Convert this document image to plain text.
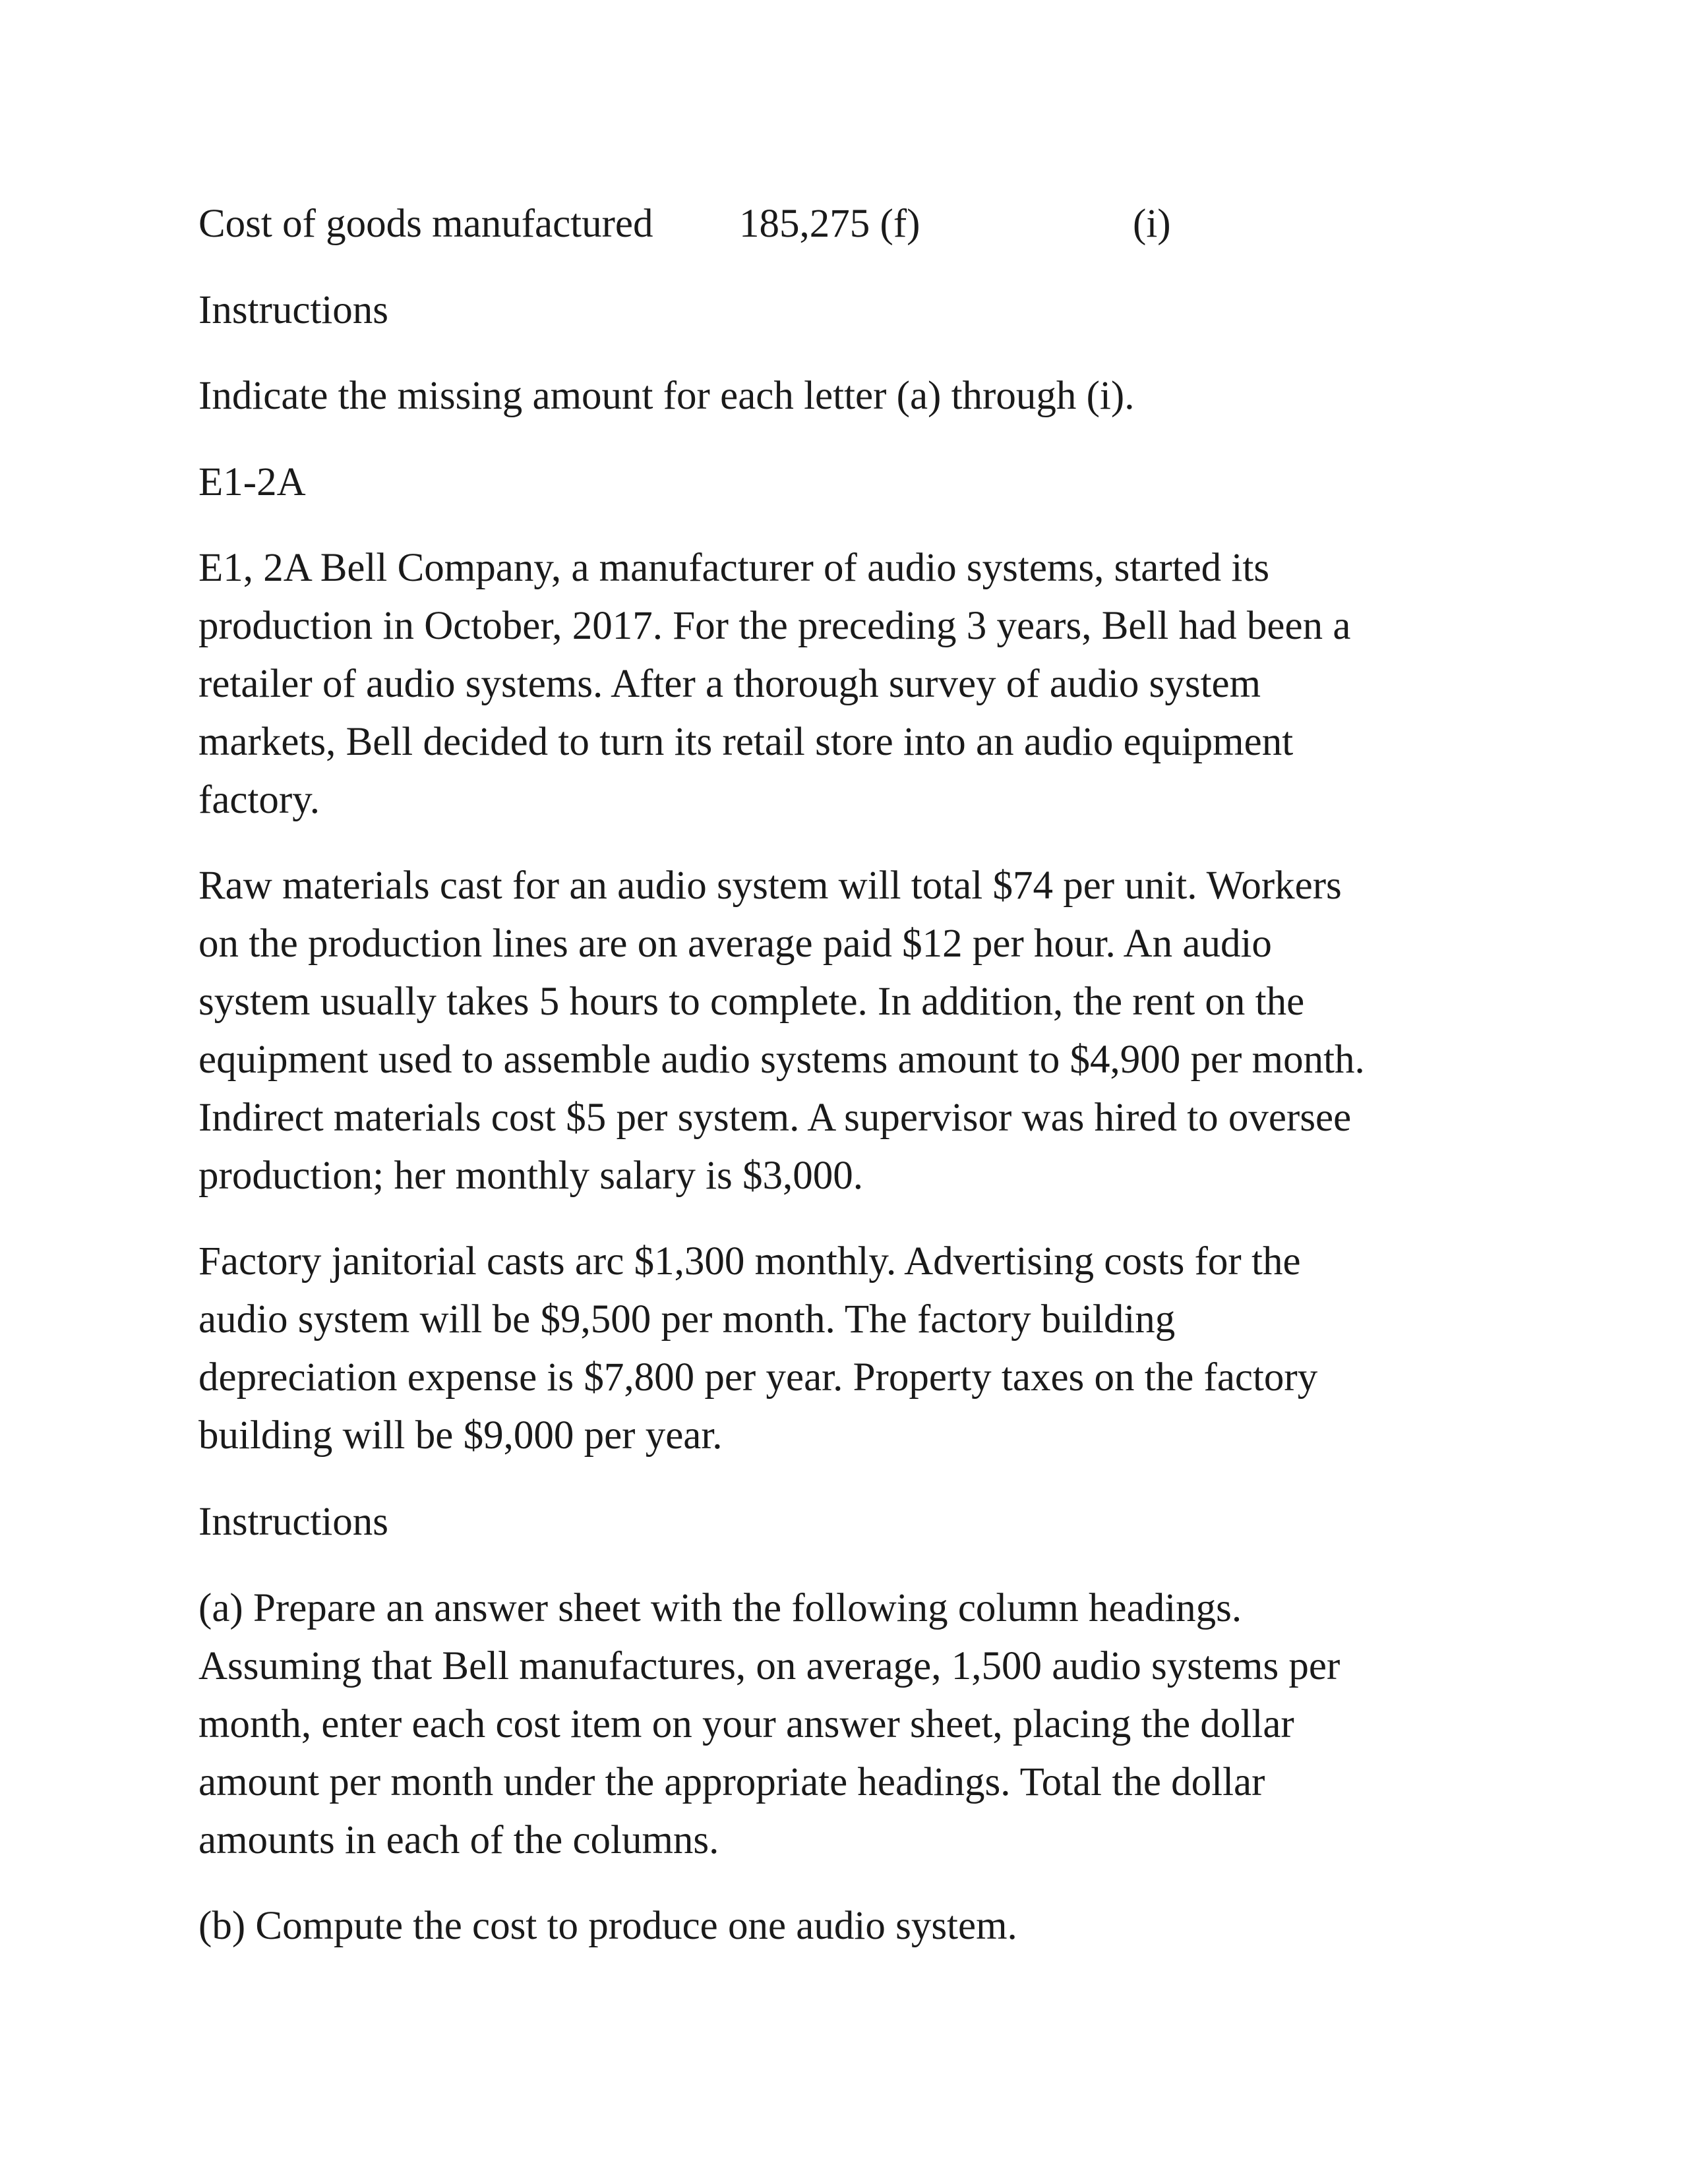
Cost of goods manufactured 185,275 (f)	(i)
Instructions
Indicate the missing amount for each letter (a) through (i).
E1-2A
E1, 2A Bell Company, a manufacturer of audio systems, started its
production in October, 2017. For the preceding 3 years, Bell had been a
retailer of audio systems. After a thorough survey of audio system
markets, Bell decided to turn its retail store into an audio equipment
factory.
Raw materials cast for an audio system will total $74 per unit. Workers
on the production lines are on average paid $12 per hour. An audio
system usually takes 5 hours to complete. In addition, the rent on the
equipment used to assemble audio systems amount to $4,900 per month.
Indirect materials cost $5 per system. A supervisor was hired to oversee
production; her monthly salary is $3,000.
Factory janitorial casts arc $1,300 monthly. Advertising costs for the
audio system will be $9,500 per month. The factory building
depreciation expense is $7,800 per year. Property taxes on the factory
building will be $9,000 per year.
Instructions
(a) Prepare an answer sheet with the following column headings.
Assuming that Bell manufactures, on average, 1,500 audio systems per
month, enter each cost item on your answer sheet, placing the dollar
amount per month under the appropriate headings. Total the dollar
amounts in each of the columns.
(b) Compute the cost to produce one audio system.
